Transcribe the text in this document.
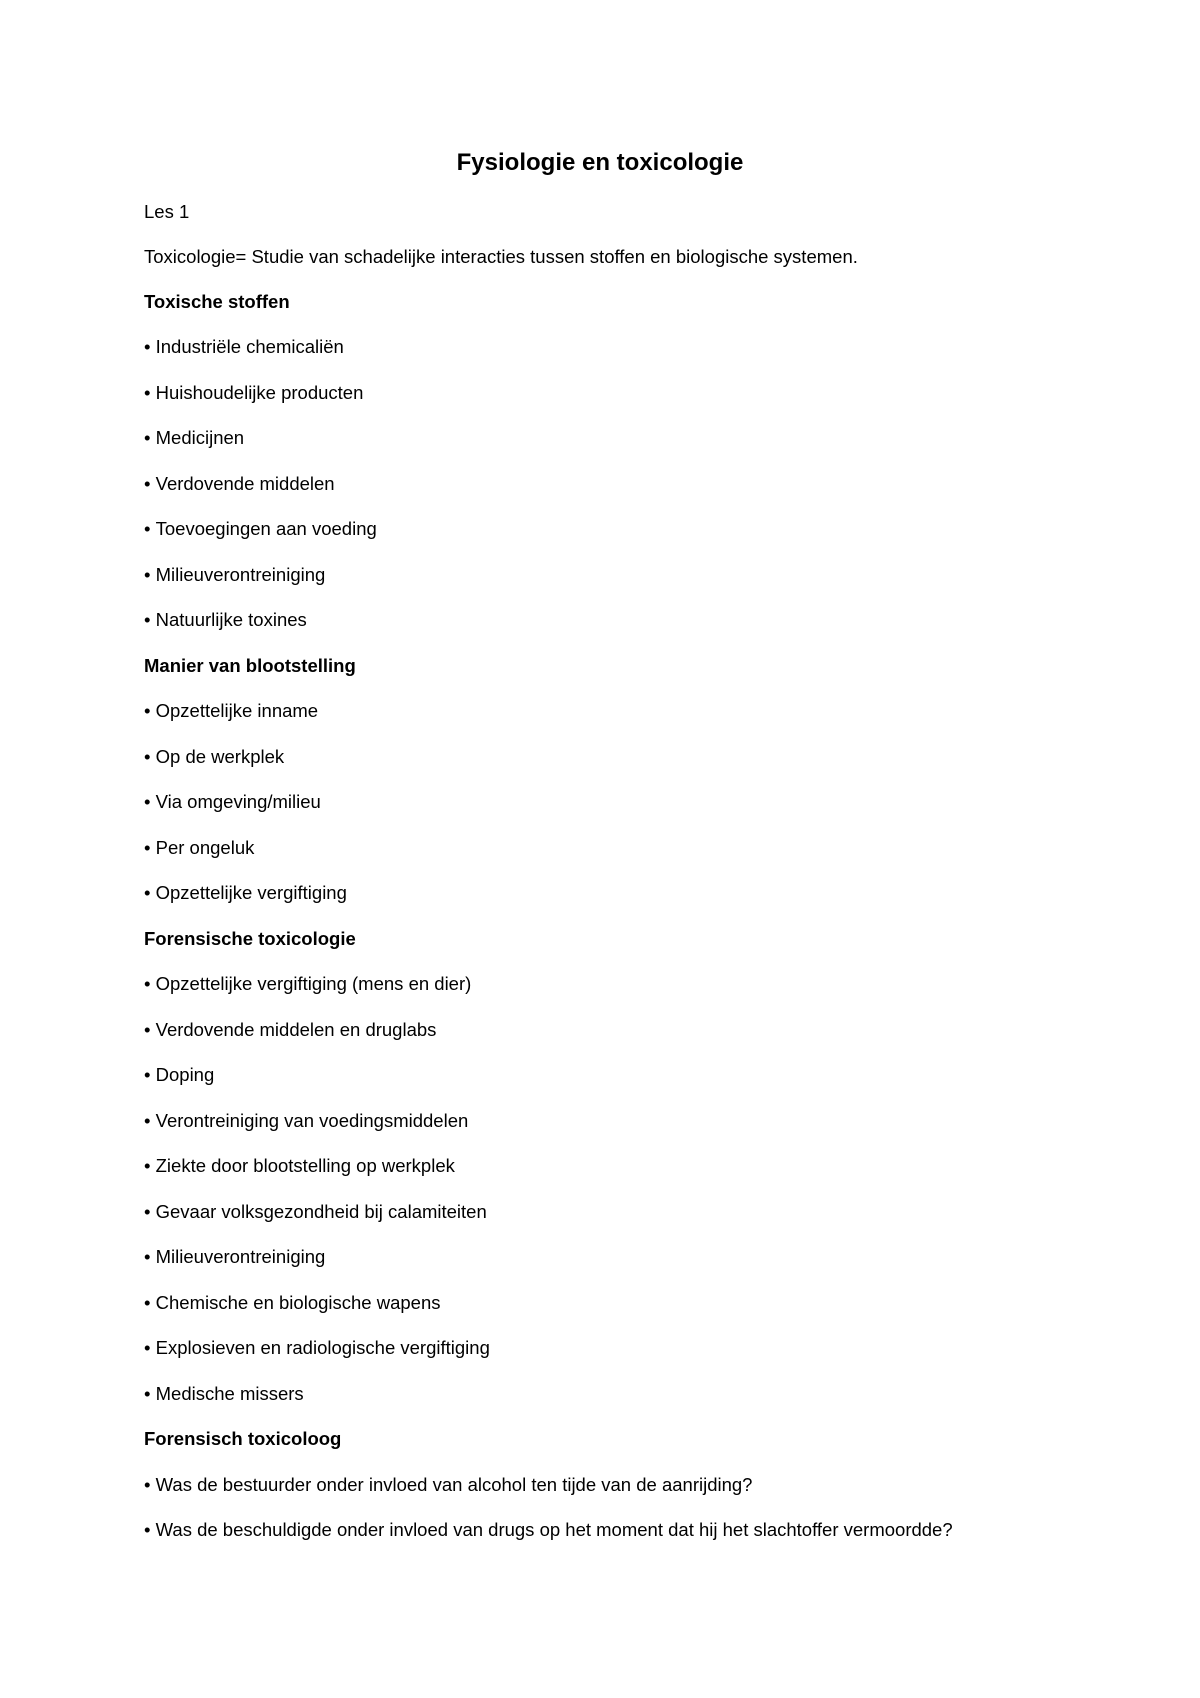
Fysiologie en toxicologie
Les 1
Toxicologie= Studie van schadelijke interacties tussen stoffen en biologische systemen.
Toxische stoffen
• Industriële chemicaliën
• Huishoudelijke producten
• Medicijnen
• Verdovende middelen
• Toevoegingen aan voeding
• Milieuverontreiniging
• Natuurlijke toxines
Manier van blootstelling
• Opzettelijke inname
• Op de werkplek
• Via omgeving/milieu
• Per ongeluk
• Opzettelijke vergiftiging
Forensische toxicologie
• Opzettelijke vergiftiging (mens en dier)
• Verdovende middelen en druglabs
• Doping
• Verontreiniging van voedingsmiddelen
• Ziekte door blootstelling op werkplek
• Gevaar volksgezondheid bij calamiteiten
• Milieuverontreiniging
• Chemische en biologische wapens
• Explosieven en radiologische vergiftiging
• Medische missers
Forensisch toxicoloog
• Was de bestuurder onder invloed van alcohol ten tijde van de aanrijding?
• Was de beschuldigde onder invloed van drugs op het moment dat hij het slachtoffer vermoordde?
